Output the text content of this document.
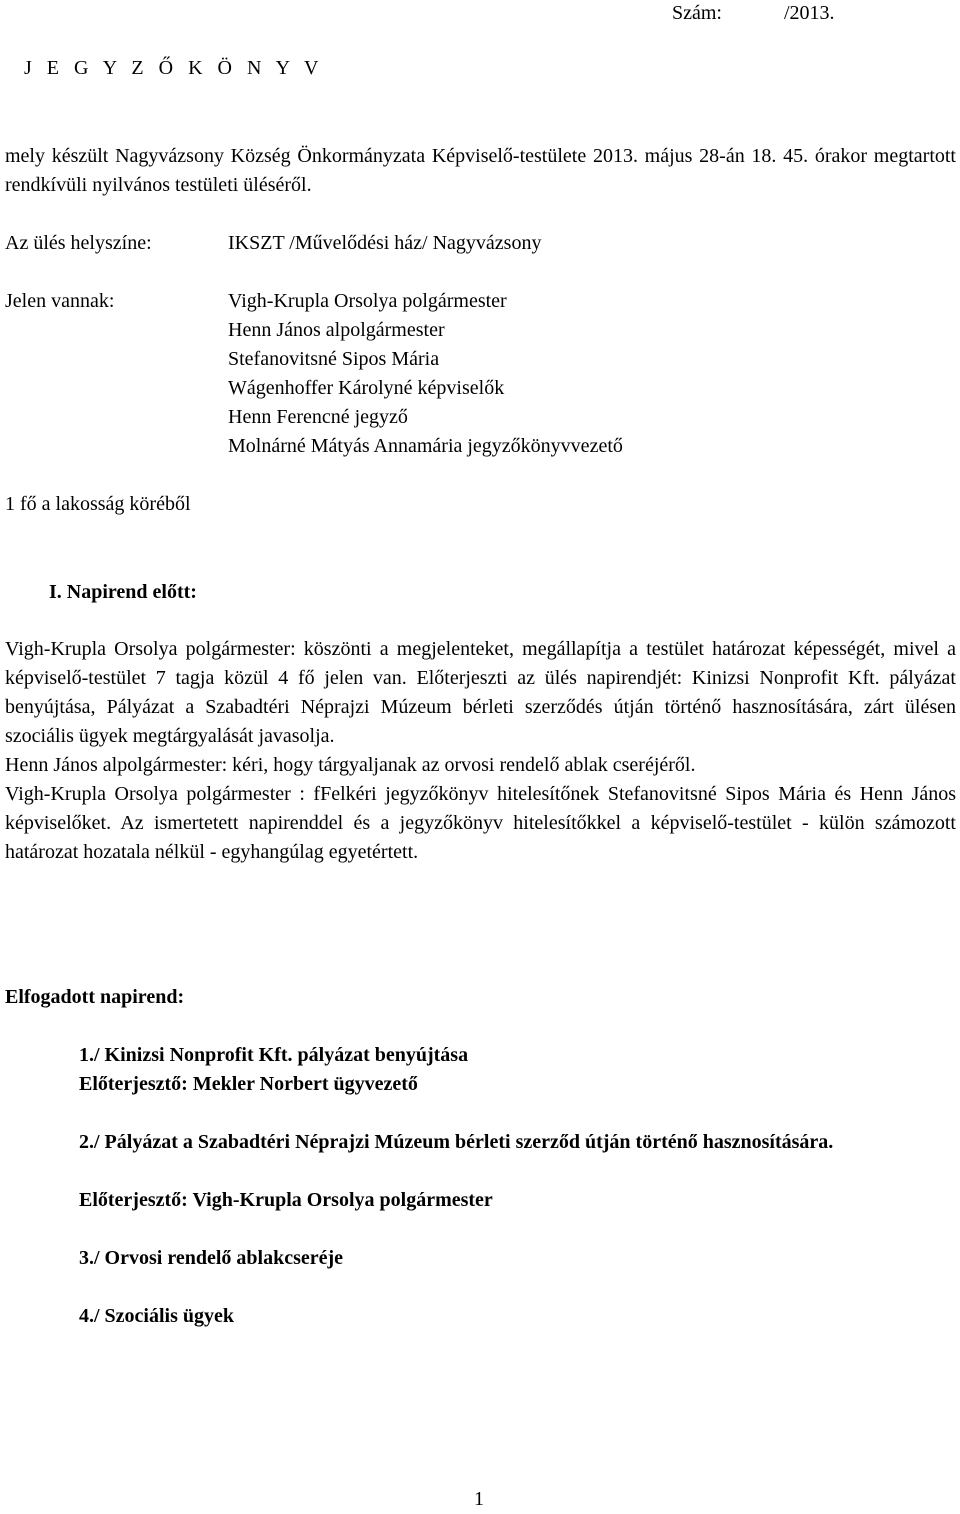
Szám:	/2013.
J E G Y Z Ő K Ö N Y V

mely készült Nagyvázsony Község Önkormányzata Képviselő-testülete 2013. május 28-án 18. 45. órakor megtartott rendkívüli nyilvános testületi üléséről.

Az ülés helyszíne:	IKSZT /Művelődési ház/ Nagyvázsony
Jelen vannak:	Vigh-Krupla Orsolya polgármester
Henn János alpolgármester
Stefanovitsné Sipos Mária
Wágenhoffer Károlyné képviselők
Henn Ferencné jegyző
Molnárné Mátyás Annamária jegyzőkönyvvezető
1 fő a lakosság köréből
I. Napirend előtt:

Vigh-Krupla Orsolya polgármester: köszönti a megjelenteket, megállapítja a testület határozat képességét, mivel a képviselő-testület 7 tagja közül 4 fő jelen van. Előterjeszti az ülés napirendjét: Kinizsi Nonprofit Kft. pályázat benyújtása, Pályázat a Szabadtéri Néprajzi Múzeum bérleti szerződés útján történő hasznosítására, zárt ülésen szociális ügyek megtárgyalását javasolja.

Henn János alpolgármester: kéri, hogy tárgyaljanak az orvosi rendelő ablak cseréjéről.

Vigh-Krupla Orsolya polgármester : fFelkéri jegyzőkönyv hitelesítőnek Stefanovitsné Sipos Mária és Henn János képviselőket. Az ismertetett napirenddel és a jegyzőkönyv hitelesítőkkel a képviselő-testület - külön számozott határozat hozatala nélkül - egyhangúlag egyetértett.

Elfogadott napirend:
1./ Kinizsi Nonprofit Kft. pályázat benyújtása
Előterjesztő: Mekler Norbert ügyvezető
2./ Pályázat a Szabadtéri Néprajzi Múzeum bérleti szerződ útján történő hasznosítására.
Előterjesztő: Vigh-Krupla Orsolya polgármester
3./ Orvosi rendelő ablakcseréje
4./ Szociális ügyek
1
